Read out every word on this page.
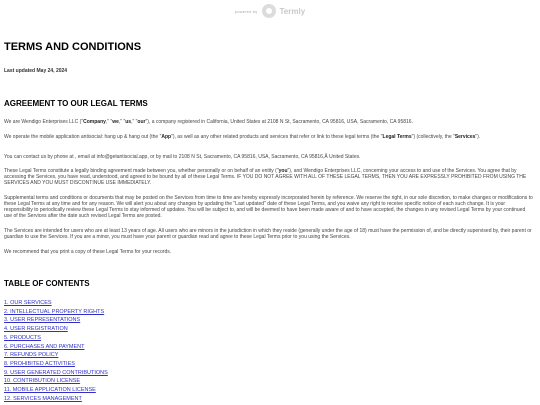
powered by	Termly
TERMS AND CONDITIONS

Last updated May 24, 2024

AGREEMENT TO OUR LEGAL TERMS

We are Wendigo Enterprises LLC ("Company," "we," "us," "our"), a company registered in California, United States at 2108 N St, Sacramento, CA 95816, USA, Sacramento, CA 95816.

We operate the mobile application antisocial: hang up & hang out (the "App"), as well as any other related products and services that refer or link to these legal terms (the "Legal Terms") (collectively, the "Services").

You can contact us by phone at , email at info@getantisocial.app, or by mail to 2108 N St, Sacramento, CA 95816, USA, Sacramento, CA 95816,Â United States.

These Legal Terms constitute a legally binding agreement made between you, whether personally or on behalf of an entity ("you"), and Wendigo Enterprises LLC, concerning your access to and use of the Services. You agree that by accessing the Services, you have read, understood, and agreed to be bound by all of these Legal Terms. IF YOU DO NOT AGREE WITH ALL OF THESE LEGAL TERMS, THEN YOU ARE EXPRESSLY PROHIBITED FROM USING THE SERVICES AND YOU MUST DISCONTINUE USE IMMEDIATELY.

Supplemental terms and conditions or documents that may be posted on the Services from time to time are hereby expressly incorporated herein by reference. We reserve the right, in our sole discretion, to make changes or modifications to these Legal Terms at any time and for any reason. We will alert you about any changes by updating the "Last updated" date of these Legal Terms, and you waive any right to receive specific notice of each such change. It is your responsibility to periodically review these Legal Terms to stay informed of updates. You will be subject to, and will be deemed to have been made aware of and to have accepted, the changes in any revised Legal Terms by your continued use of the Services after the date such revised Legal Terms are posted.

The Services are intended for users who are at least 13 years of age. All users who are minors in the jurisdiction in which they reside (generally under the age of 18) must have the permission of, and be directly supervised by, their parent or guardian to use the Services. If you are a minor, you must have your parent or guardian read and agree to these Legal Terms prior to you using the Services.

We recommend that you print a copy of these Legal Terms for your records.

TABLE OF CONTENTS
1. OUR SERVICES
2. INTELLECTUAL PROPERTY RIGHTS
3. USER REPRESENTATIONS
4. USER REGISTRATION
5. PRODUCTS
6. PURCHASES AND PAYMENT
7. REFUNDS POLICY
8. PROHIBITED ACTIVITIES
9. USER GENERATED CONTRIBUTIONS
10. CONTRIBUTION LICENSE
11. MOBILE APPLICATION LICENSE
12. SERVICES MANAGEMENT
